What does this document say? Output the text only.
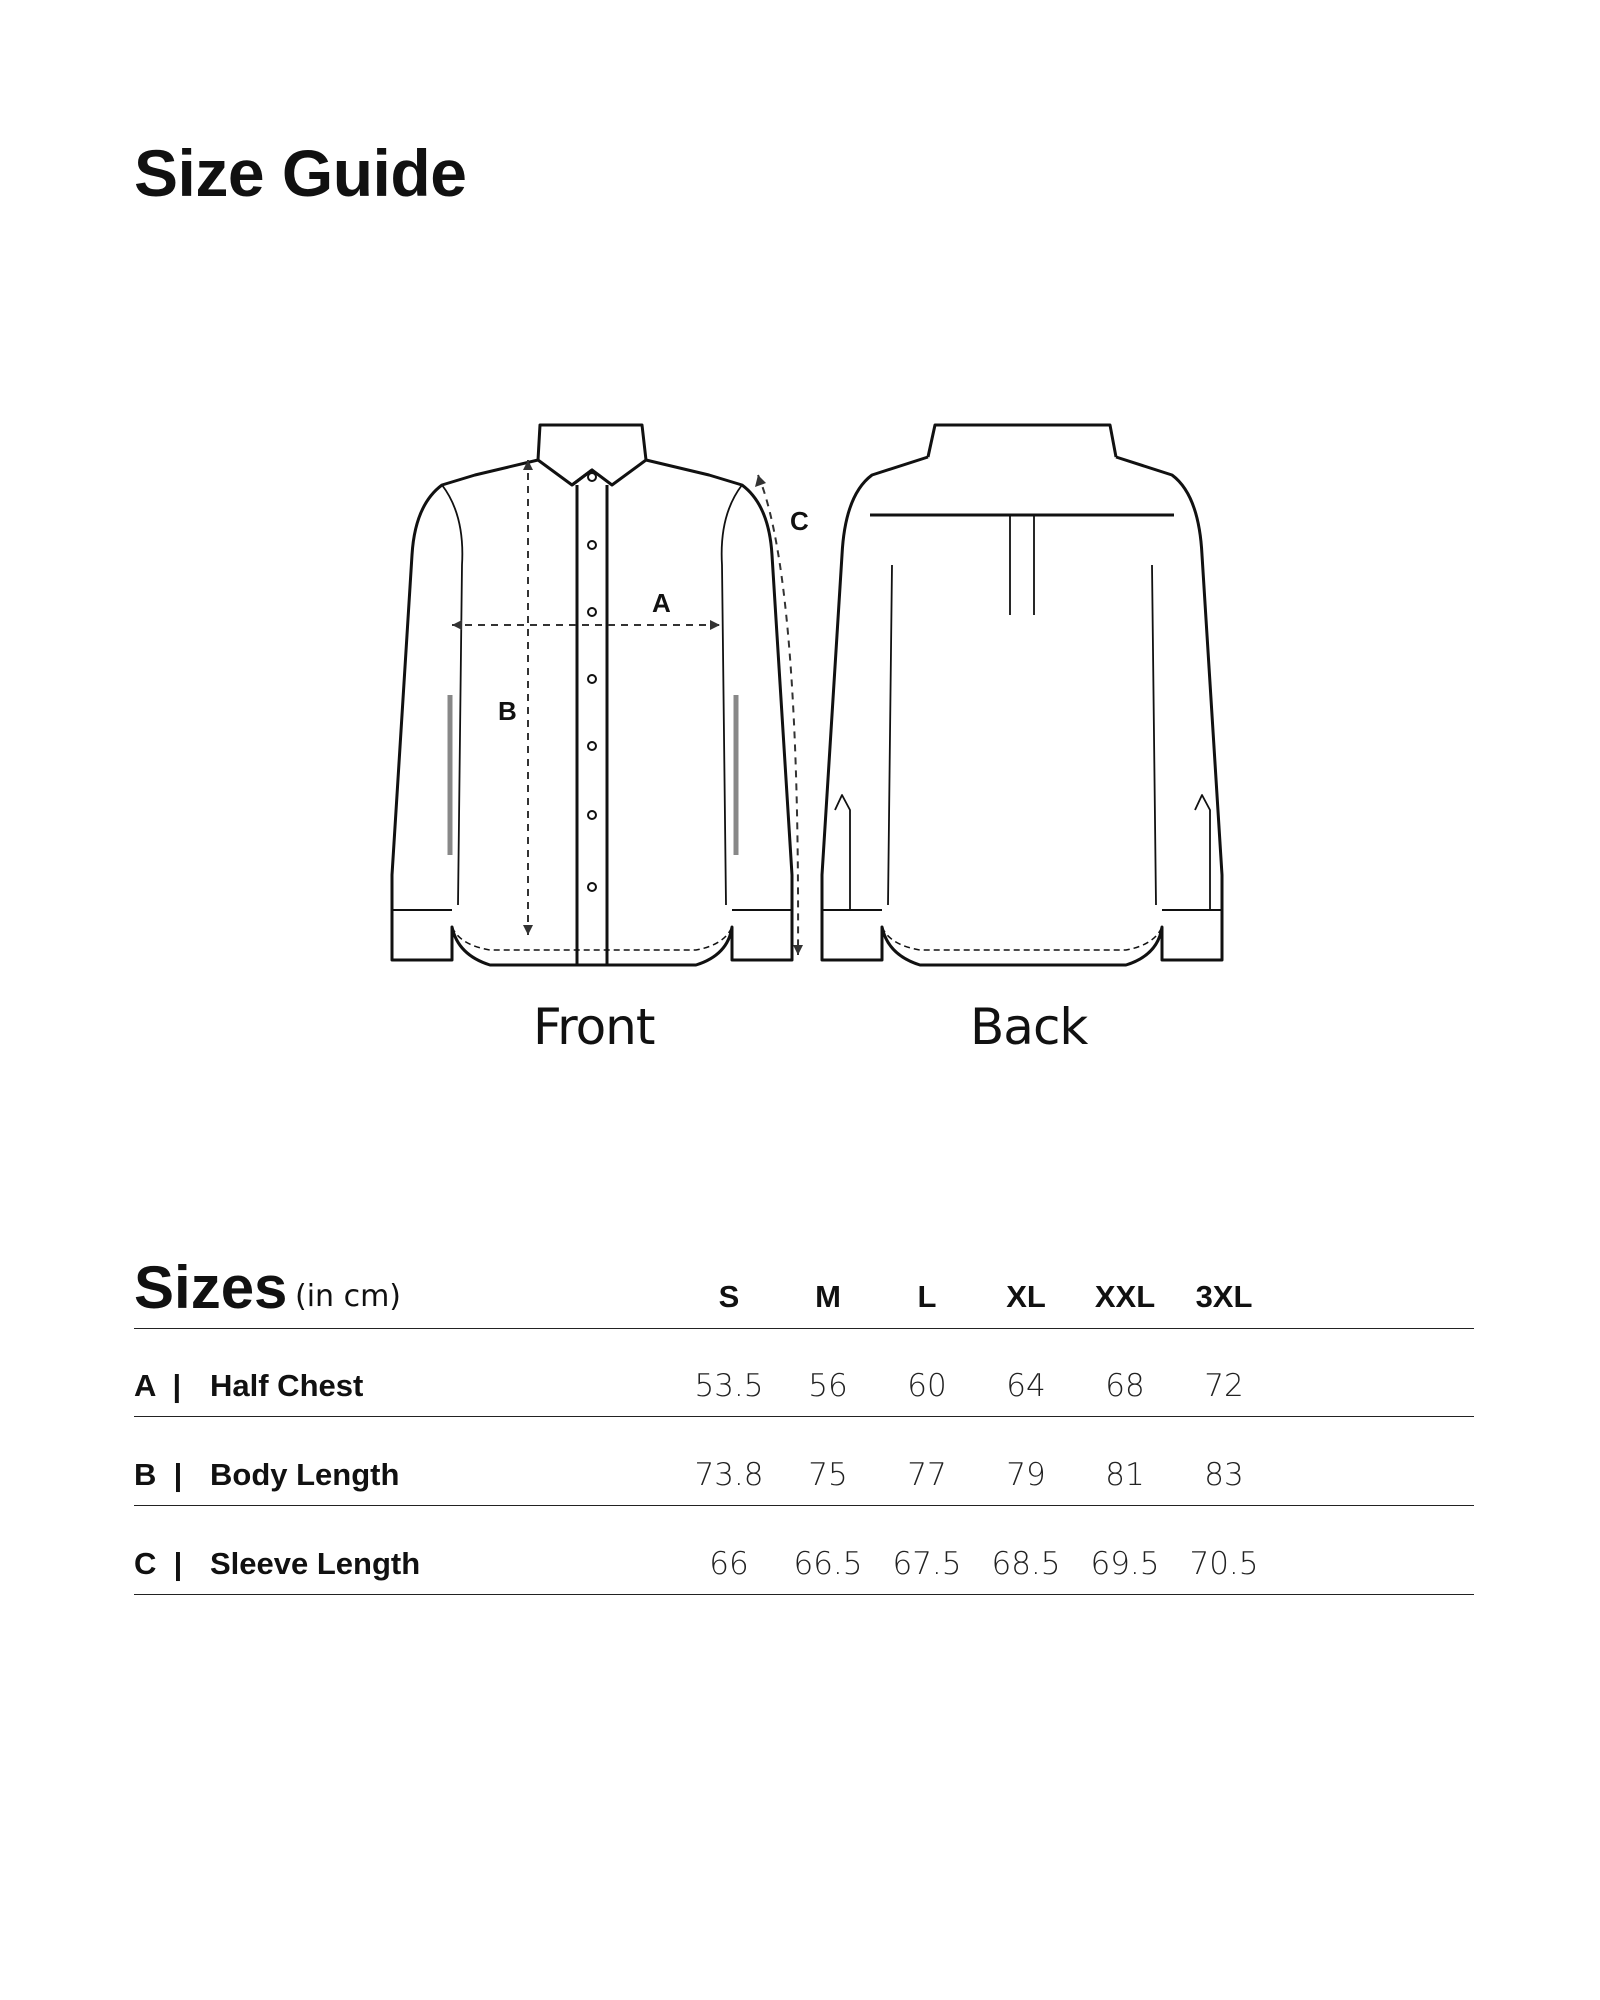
Size Guide
A
B
C
Front	Back
Sizes (in cm)	S	M	L	XL	XXL	3XL
A  | Half Chest	53.5	56	60	64	68	72
B  | Body Length	73.8	75	77	79	81	83
C  | Sleeve Length	66	66.5 67.5 68.5 69.5 70.5
